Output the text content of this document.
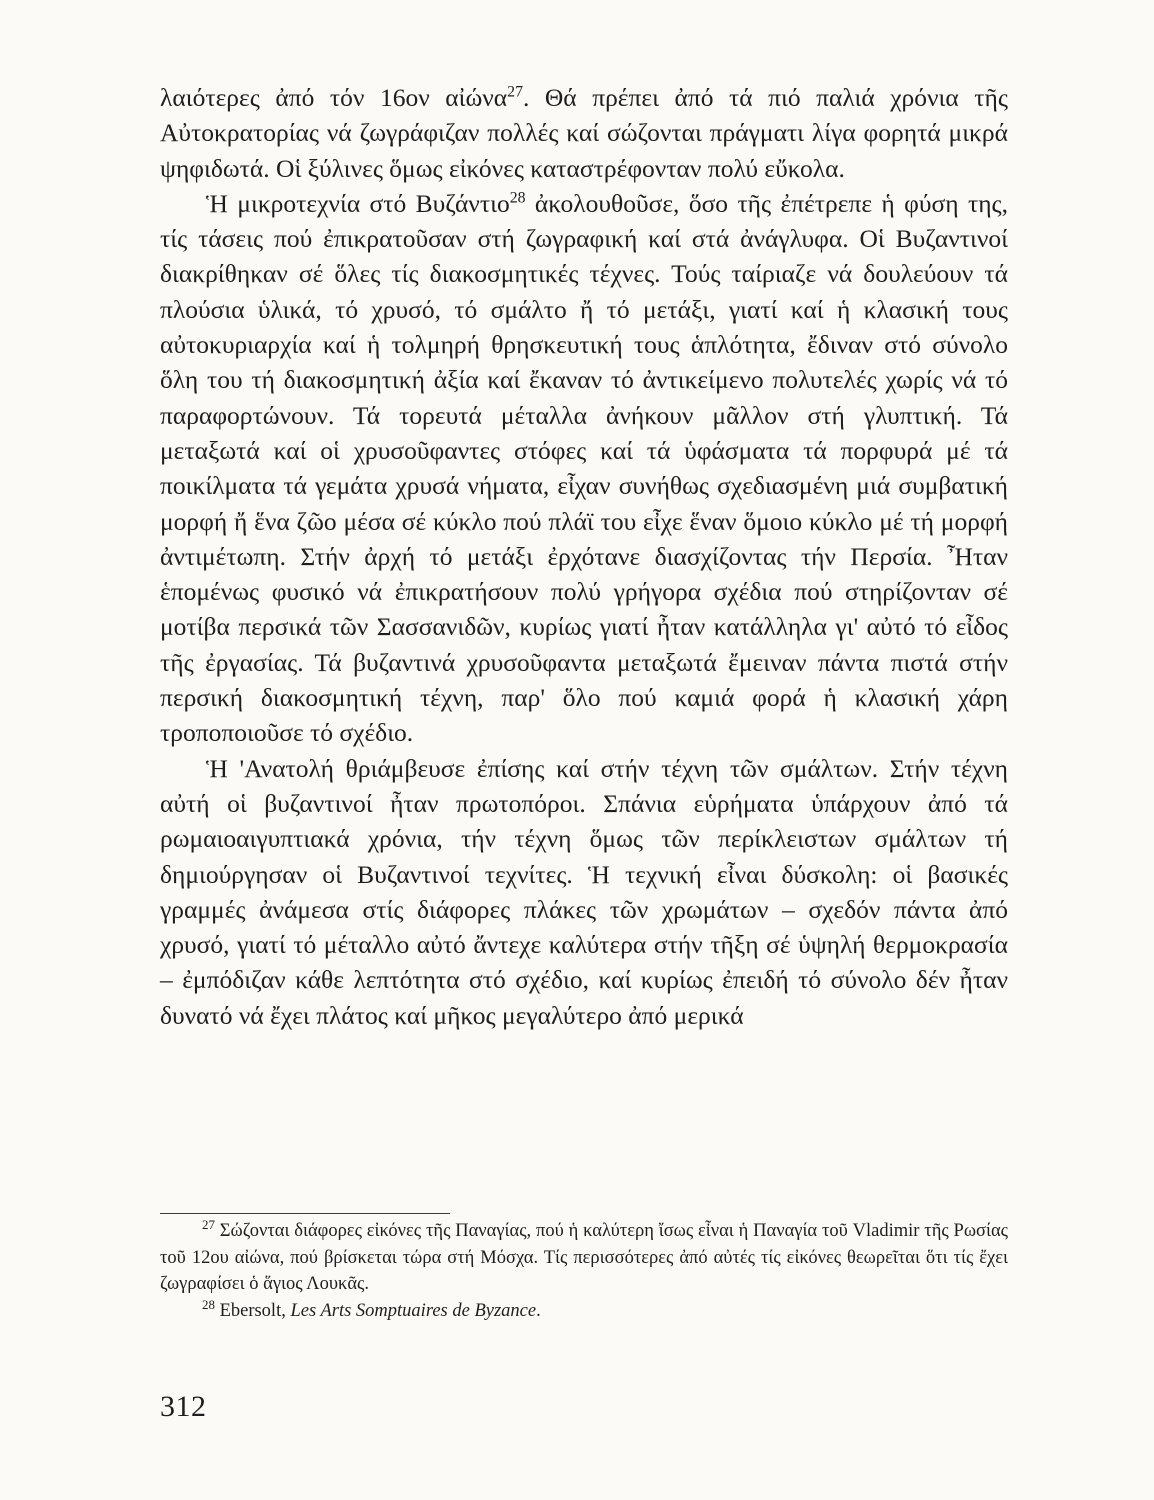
λαιότερες ἀπό τόν 16ον αἰώνα$^{27}$. Θά πρέπει ἀπό τά πιό παλιά χρόνια τῆς Αὐτοκρατορίας νά ζωγράφιζαν πολλές καί σώζονται πράγματι λίγα φορητά μικρά ψηφιδωτά. Οἱ ξύλινες ὅμως εἰκόνες καταστρέφονταν πολύ εὔκολα.

Ἡ μικροτεχνία στό Βυζάντιο$^{28}$ ἀκολουθοῦσε, ὅσο τῆς ἐπέτρεπε ἡ φύση της, τίς τάσεις πού ἐπικρατοῦσαν στή ζωγραφική καί στά ἀνάγλυφα. Οἱ Βυζαντινοί διακρίθηκαν σέ ὅλες τίς διακοσμητικές τέχνες. Τούς ταίριαζε νά δουλεύουν τά πλούσια ὑλικά, τό χρυσό, τό σμάλτο ἤ τό μετάξι, γιατί καί ἡ κλασική τους αὐτοκυριαρχία καί ἡ τολμηρή θρησκευτική τους ἁπλότητα, ἔδιναν στό σύνολο ὅλη του τή διακοσμητική ἀξία καί ἔκαναν τό ἀντικείμενο πολυτελές χωρίς νά τό παραφορτώνουν. Τά τορευτά μέταλλα ἀνήκουν μᾶλλον στή γλυπτική. Τά μεταξωτά καί οἱ χρυσοῦφαντες στόφες καί τά ὑφάσματα τά πορφυρά μέ τά ποικίλματα τά γεμάτα χρυσά νήματα, εἶχαν συνήθως σχεδιασμένη μιά συμβατική μορφή ἤ ἕνα ζῶο μέσα σέ κύκλο πού πλάϊ του εἶχε ἕναν ὅμοιο κύκλο μέ τή μορφή ἀντιμέτωπη. Στήν ἀρχή τό μετάξι ἐρχότανε διασχίζοντας τήν Περσία. Ἦταν ἑπομένως φυσικό νά ἐπικρατήσουν πολύ γρήγορα σχέδια πού στηρίζονταν σέ μοτίβα περσικά τῶν Σασσανιδῶν, κυρίως γιατί ἦταν κατάλληλα γι' αὐτό τό εἶδος τῆς ἐργασίας. Τά βυζαντινά χρυσοῦφαντα μεταξωτά ἔμειναν πάντα πιστά στήν περσική διακοσμητική τέχνη, παρ' ὅλο πού καμιά φορά ἡ κλασική χάρη τροποποιοῦσε τό σχέδιο.

Ἡ 'Ανατολή θριάμβευσε ἐπίσης καί στήν τέχνη τῶν σμάλτων. Στήν τέχνη αὐτή οἱ βυζαντινοί ἦταν πρωτοπόροι. Σπάνια εὑρήματα ὑπάρχουν ἀπό τά ρωμαιοαιγυπτιακά χρόνια, τήν τέχνη ὅμως τῶν περίκλειστων σμάλτων τή δημιούργησαν οἱ Βυζαντινοί τεχνίτες. Ἡ τεχνική εἶναι δύσκολη: οἱ βασικές γραμμές ἀνάμεσα στίς διάφορες πλάκες τῶν χρωμάτων – σχεδόν πάντα ἀπό χρυσό, γιατί τό μέταλλο αὐτό ἄντεχε καλύτερα στήν τῆξη σέ ὑψηλή θερμοκρασία – ἐμπόδιζαν κάθε λεπτότητα στό σχέδιο, καί κυρίως ἐπειδή τό σύνολο δέν ἦταν δυνατό νά ἔχει πλάτος καί μῆκος μεγαλύτερο ἀπό μερικά

$^{27}$ Σώζονται διάφορες εἰκόνες τῆς Παναγίας, πού ἡ καλύτερη ἴσως εἶναι ἡ Παναγία τοῦ Vladimir τῆς Ρωσίας τοῦ 12ου αἰώνα, πού βρίσκεται τώρα στή Μόσχα. Τίς περισσότερες ἀπό αὐτές τίς εἰκόνες θεωρεῖται ὅτι τίς ἔχει ζωγραφίσει ὁ ἅγιος Λουκᾶς.

$^{28}$ Ebersolt, Les Arts Somptuaires de Byzance.

312
